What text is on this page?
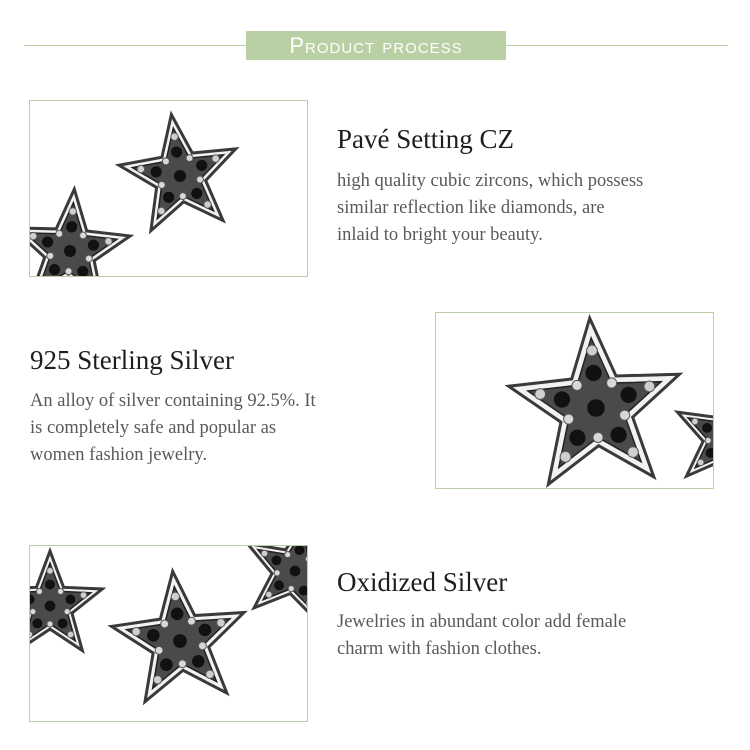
Product process
Pavé Setting CZ
high quality cubic zircons, which possess
similar reflection like diamonds, are
inlaid to bright your beauty.
925 Sterling Silver
An alloy of silver containing 92.5%. It
is completely safe and popular as
women fashion jewelry.
Oxidized Silver
Jewelries in abundant color add female
charm with fashion clothes.
